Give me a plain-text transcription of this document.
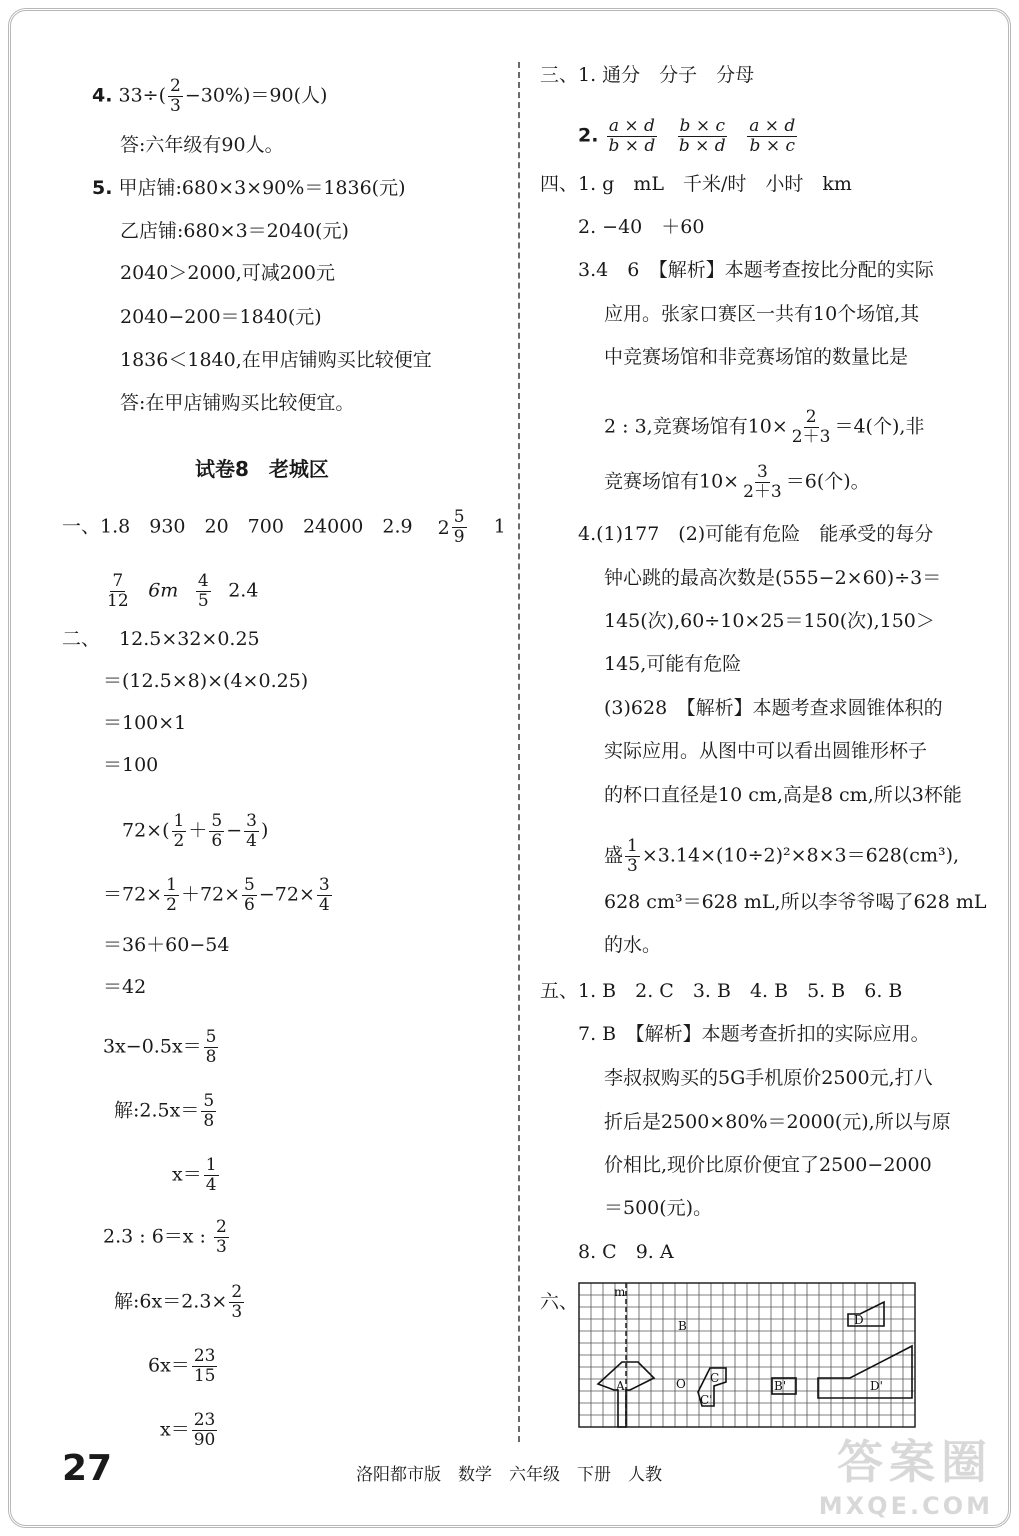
4. $33\div( \frac{2}{3} -30\%)=90$(人)
答:六年级有90人。
5. 甲店铺:680×3×90%＝1836(元)
乙店铺:680×3＝2040(元)
2040＞2000,可减200元
2040−200＝1840(元)
1836＜1840,在甲店铺购买比较便宜
答:在甲店铺购买比较便宜。
试卷8　老城区
一、1.8　930　20　700　24000　2.9   $2 \frac{5}{9}$
  1
$\frac{7}{12}$
  6m  $\frac{4}{5}$
  2.4
二、  12.5×32×0.25
＝(12.5×8)×(4×0.25)
＝100×1
＝100
$72\times( \frac{1}{2} + \frac{5}{6} - \frac{3}{4}$ )
$=72\times \frac{1}{2} +72\times \frac{5}{6} -72\times \frac{3}{4}$
＝36＋60−54
＝42
$3x-0.5x= \frac{5}{8}$
解:2.5x＝ $\frac{5}{8}$
$x= \frac{1}{4}$
2.3 : 6＝x : $\frac{2}{3}$
解:6x＝2.3× $\frac{2}{3}$
$6x= \frac{23}{15}$
$x= \frac{23}{90}$
三、1. 通分　分子　分母
2. $\frac{a \times d}{b \times d}$
  $\frac{b \times c}{b \times d}$
  $\frac{a \times d}{b \times c}$
四、1. g　mL　千米/时　小时　km
2. −40　＋60
3.4　6　【解析】本题考查按比分配的实际
应用。张家口赛区一共有10个场馆,其
中竞赛场馆和非竞赛场馆的数量比是
2 : 3,竞赛场馆有$10\times \frac{2}{2+3} =4$(个),非
竞赛场馆有$10\times \frac{3}{2+3} =6$(个)。
4.(1)177　(2)可能有危险　能承受的每分
钟心跳的最高次数是(555−2×60)÷3＝
145(次),60÷10×25＝150(次),150＞
145,可能有危险
(3)628　【解析】本题考查求圆锥体积的
实际应用。从图中可以看出圆锥形杯子
的杯口直径是10 cm,高是8 cm,所以3杯能
盛 $\frac{1}{3} \times 3.14\times(10\div 2)^2\times 8\times 3=628(cm^3)$,
628 cm³＝628 mL,所以李爷爷喝了628 mL
的水。
五、1. B　2. C　3. B　4. B　5. B　6. B
7. B　【解析】本题考查折扣的实际应用。
李叔叔购买的5G手机原价2500元,打八
折后是2500×80%＝2000(元),所以与原
价相比,现价比原价便宜了2500−2000
＝500(元)。
8. C　9. A
六、	m
B
C
A	O
C'
B'
D
D'
27	洛阳都市版　数学　六年级　下册　人教	答案圈
MXQE.COM
